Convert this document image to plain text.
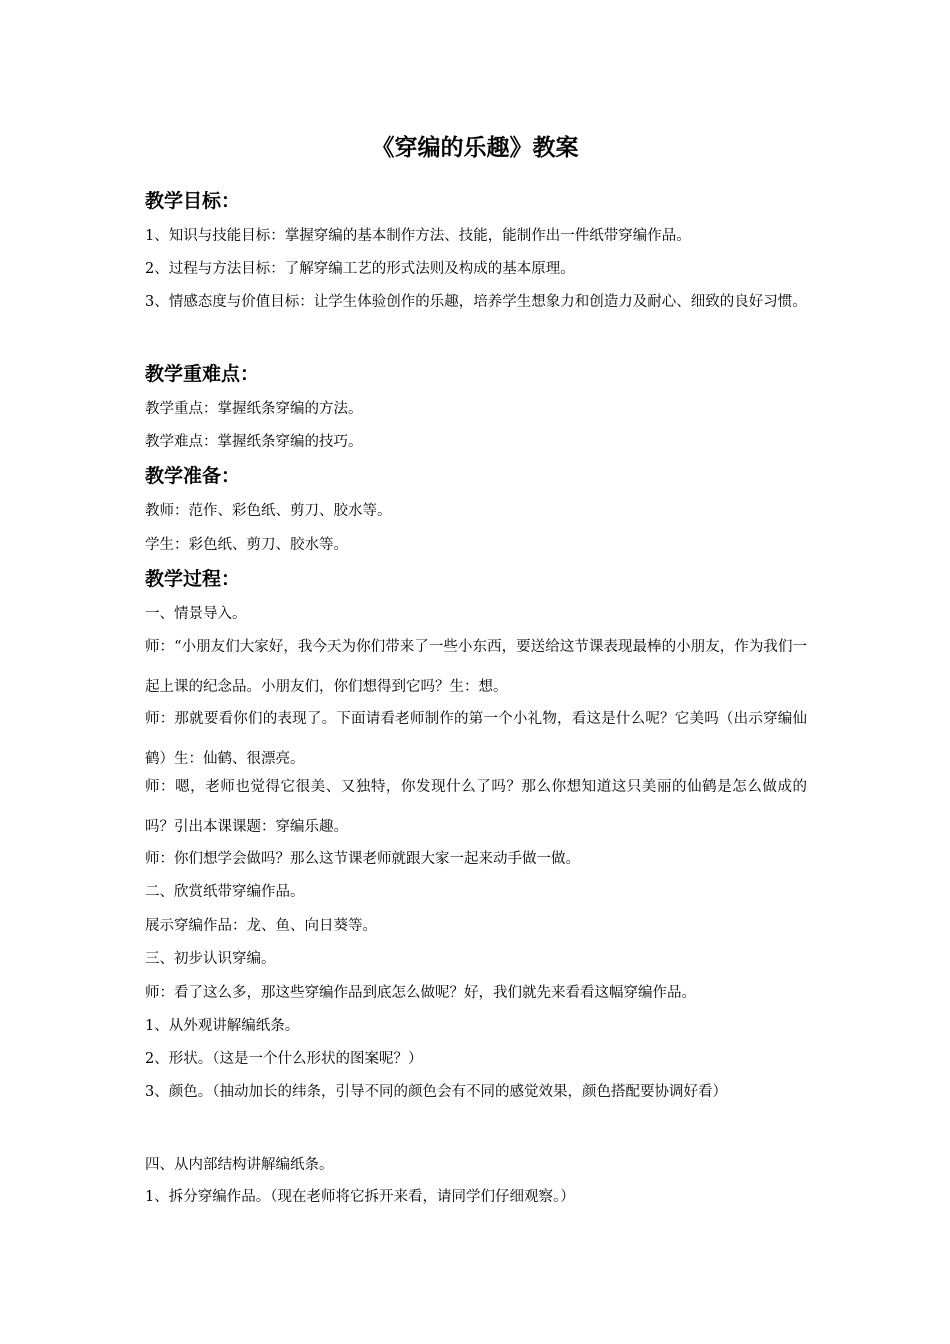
《穿编的乐趣》教案
教学目标：

1、知识与技能目标：掌握穿编的基本制作方法、技能，能制作出一件纸带穿编作品。

2、过程与方法目标：了解穿编工艺的形式法则及构成的基本原理。

3、情感态度与价值目标：让学生体验创作的乐趣，培养学生想象力和创造力及耐心、细致的良好习惯。

教学重难点：

教学重点：掌握纸条穿编的方法。

教学难点：掌握纸条穿编的技巧。

教学准备：

教师：范作、彩色纸、剪刀、胶水等。

学生：彩色纸、剪刀、胶水等。

教学过程：

一、情景导入。

师：“小朋友们大家好，我今天为你们带来了一些小东西，要送给这节课表现最棒的小朋友，作为我们一起上课的纪念品。小朋友们，你们想得到它吗？生：想。

师：那就要看你们的表现了。下面请看老师制作的第一个小礼物，看这是什么呢？它美吗（出示穿编仙鹤）生：仙鹤、很漂亮。

师：嗯，老师也觉得它很美、又独特，你发现什么了吗？那么你想知道这只美丽的仙鹤是怎么做成的吗？引出本课课题：穿编乐趣。

师：你们想学会做吗？那么这节课老师就跟大家一起来动手做一做。

二、欣赏纸带穿编作品。

展示穿编作品：龙、鱼、向日葵等。

三、初步认识穿编。

师：看了这么多，那这些穿编作品到底怎么做呢？好，我们就先来看看这幅穿编作品。

1、从外观讲解编纸条。

2、形状。（这是一个什么形状的图案呢？）

3、颜色。（抽动加长的纬条，引导不同的颜色会有不同的感觉效果，颜色搭配要协调好看）

四、从内部结构讲解编纸条。

1、拆分穿编作品。（现在老师将它拆开来看，请同学们仔细观察。）
